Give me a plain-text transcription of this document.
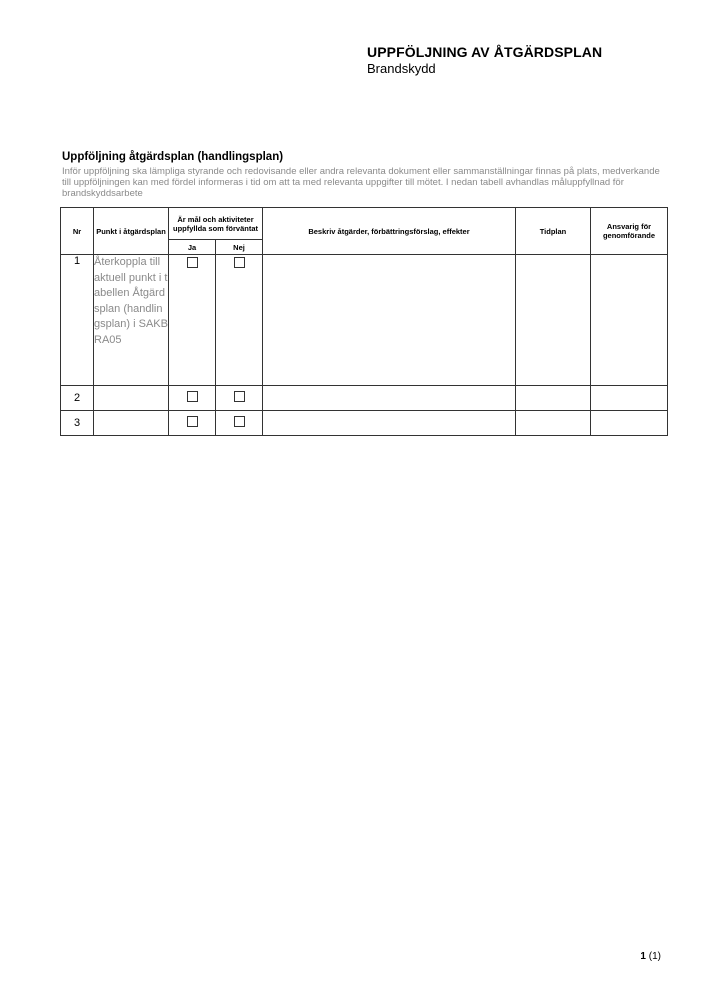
UPPFÖLJNING AV ÅTGÄRDSPLAN
Brandskydd
Uppföljning åtgärdsplan (handlingsplan)

Inför uppföljning ska lämpliga styrande och redovisande eller andra relevanta dokument eller sammanställningar finnas på plats, medverkande till uppföljningen kan med fördel informeras i tid om att ta med relevanta uppgifter till mötet. I nedan tabell avhandlas måluppfyllnad för brandskyddsarbete

Nr	Punkt i åtgärdsplan	Är mål och aktiviteter uppfyllda som förväntat		Beskriv åtgärder, förbättringsförslag, effekter	Tidplan	Ansvarig för genomförande
		Ja	Nej			
1	Återkoppla till aktuell punkt i tabellen Åtgärdsplan (handlingsplan) i SAKBRA05					

2						
3						
1 (1)
